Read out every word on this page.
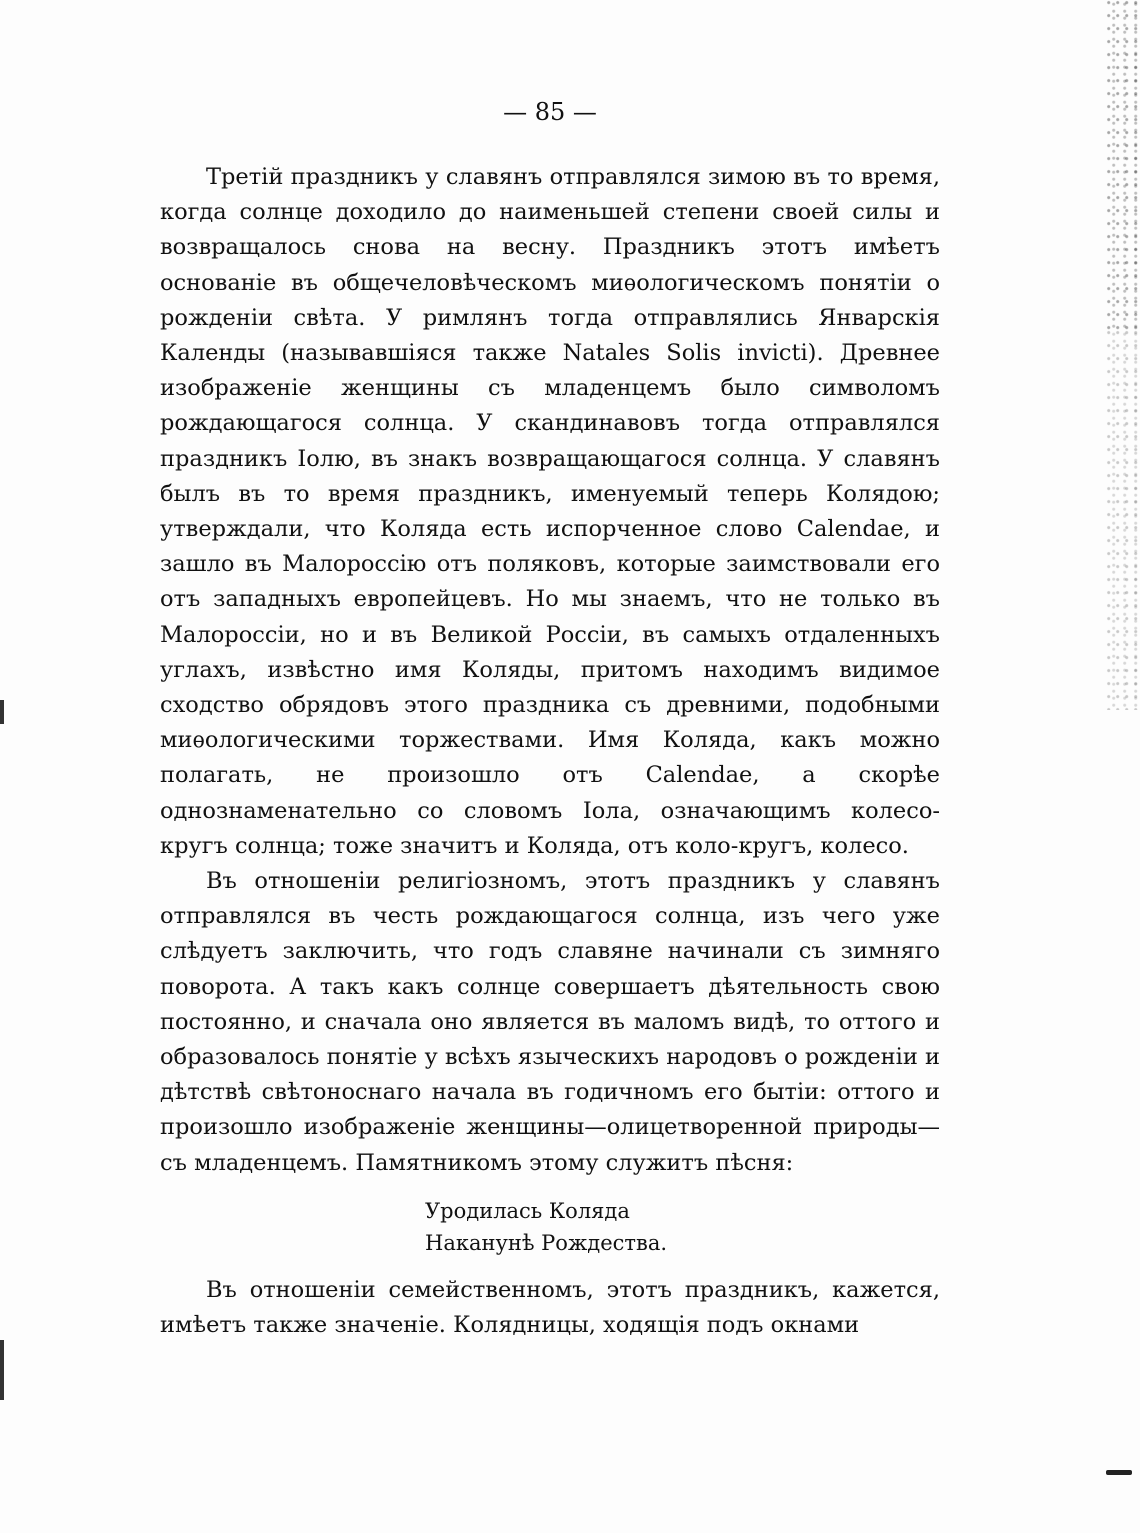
— 85 —

Третій праздникъ у славянъ отправлялся зимою въ то время, когда солнце доходило до наименьшей степени своей силы и возвращалось снова на весну. Праздникъ этотъ имѣетъ основаніе въ общечеловѣческомъ миѳологическомъ понятіи о рожденіи свѣта. У римлянъ тогда отправлялись Январскія Календы (называвшіяся также Natales Solis invicti). Древнее изображеніе женщины съ младенцемъ было символомъ рождающагося солнца. У скандинавовъ тогда отправлялся праздникъ Іолю, въ знакъ возвращающагося солнца. У славянъ былъ въ то время праздникъ, именуемый теперь Колядою; утверждали, что Коляда есть испорченное слово Calendae, и зашло въ Малороссію отъ поляковъ, которые заимствовали его отъ западныхъ европейцевъ. Но мы знаемъ, что не только въ Малороссіи, но и въ Великой Россіи, въ самыхъ отдаленныхъ углахъ, извѣстно имя Коляды, притомъ находимъ видимое сходство обрядовъ этого праздника съ древними, подобными миѳологическими торжествами. Имя Коляда, какъ можно полагать, не произошло отъ Calendae, а скорѣе однознаменательно со словомъ Іола, означающимъ колесо-кругъ солнца; тоже значитъ и Коляда, отъ коло-кругъ, колесо.

Въ отношеніи религіозномъ, этотъ праздникъ у славянъ отправлялся въ честь рождающагося солнца, изъ чего уже слѣдуетъ заключить, что годъ славяне начинали съ зимняго поворота. А такъ какъ солнце совершаетъ дѣятельность свою постоянно, и сначала оно является въ маломъ видѣ, то оттого и образовалось понятіе у всѣхъ языческихъ народовъ о рожденіи и дѣтствѣ свѣтоноснаго начала въ годичномъ его бытіи: оттого и произошло изображеніе женщины—олицетворенной природы—съ младенцемъ. Памятникомъ этому служитъ пѣсня:

Уродилась Коляда
Наканунѣ Рождества.

Въ отношеніи семейственномъ, этотъ праздникъ, кажется, имѣетъ также значеніе. Колядницы, ходящія подъ окнами
